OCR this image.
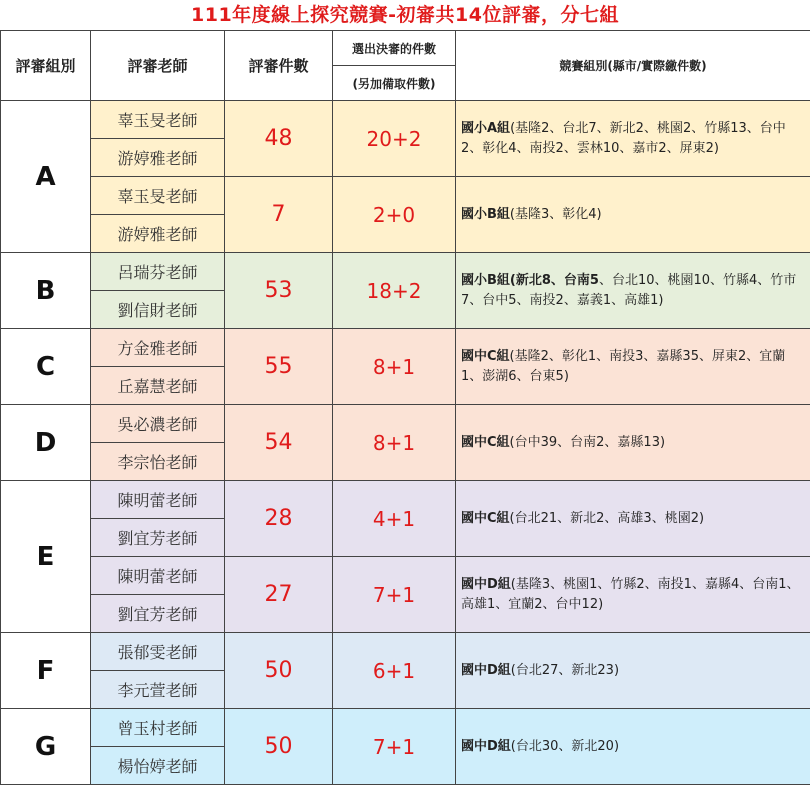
111年度線上探究競賽-初審共14位評審，分七組
評審組別	評審老師	評審件數	選出決審的件數	競賽組別(縣市/實際繳件數)
			(另加備取件數)	
A	辜玉旻老師	48	20+2	國小A組(基隆2、台北7、新北2、桃園2、竹縣13、台中2、彰化4、南投2、雲林10、嘉市2、屏東2)
	游婷雅老師			
	辜玉旻老師	7	2+0	國小B組(基隆3、彰化4)
	游婷雅老師			
B	呂瑞芬老師	53	18+2	國小B組(新北8、台南5、台北10、桃園10、竹縣4、竹市7、台中5、南投2、嘉義1、高雄1)
	劉信財老師			
C	方金雅老師	55	8+1	國中C組(基隆2、彰化1、南投3、嘉縣35、屏東2、宜蘭1、澎湖6、台東5)
	丘嘉慧老師			
D	吳必濃老師	54	8+1	國中C組(台中39、台南2、嘉縣13)
	李宗怡老師			
E	陳明蕾老師	28	4+1	國中C組(台北21、新北2、高雄3、桃園2)
	劉宜芳老師			
	陳明蕾老師	27	7+1	國中D組(基隆3、桃園1、竹縣2、南投1、嘉縣4、台南1、高雄1、宜蘭2、台中12)
	劉宜芳老師			
F	張郁雯老師	50	6+1	國中D組(台北27、新北23)
	李元萱老師			
G	曾玉村老師	50	7+1	國中D組(台北30、新北20)
	楊怡婷老師			
